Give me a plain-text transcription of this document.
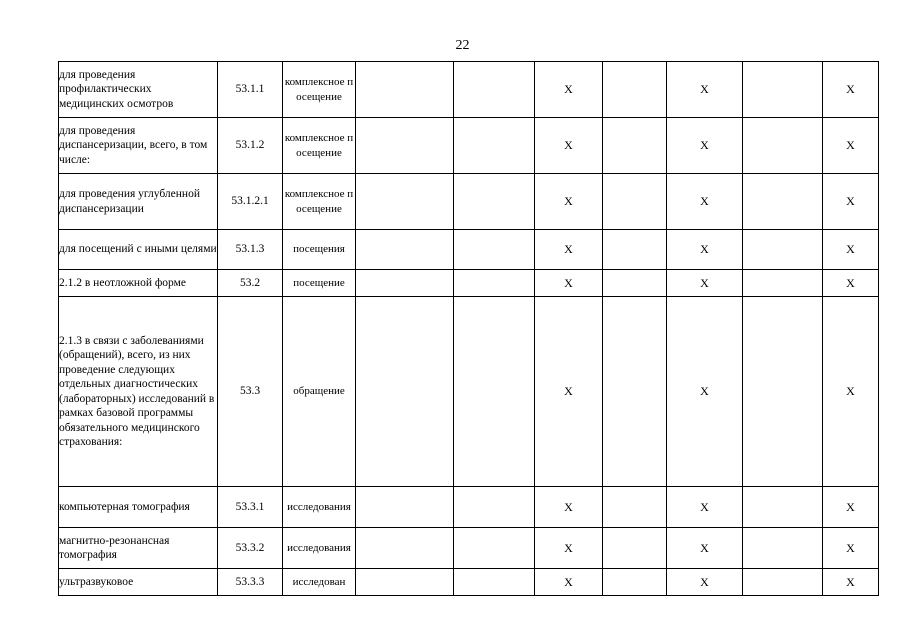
22
для проведения профилактических медицинских осмотров	53.1.1	комплексное посещение			X		X		X
для проведения диспансеризации, всего, в том числе:	53.1.2	комплексное посещение			X		X		X
для проведения углубленной диспансеризации	53.1.2.1	комплексное посещение			X		X		X
для посещений с иными целями	53.1.3	посещения			X		X		X
2.1.2 в неотложной форме	53.2	посещение			X		X		X
2.1.3 в связи с заболеваниями (обращений), всего, из них проведение следующих отдельных диагностических (лабораторных) исследований в рамках базовой программы обязательного медицинского страхования:	53.3	обращение			X		X		X
компьютерная томография	53.3.1	исследования			X		X		X
магнитно-резонансная томография	53.3.2	исследования			X		X		X
ультразвуковое	53.3.3	исследован			X		X		X
